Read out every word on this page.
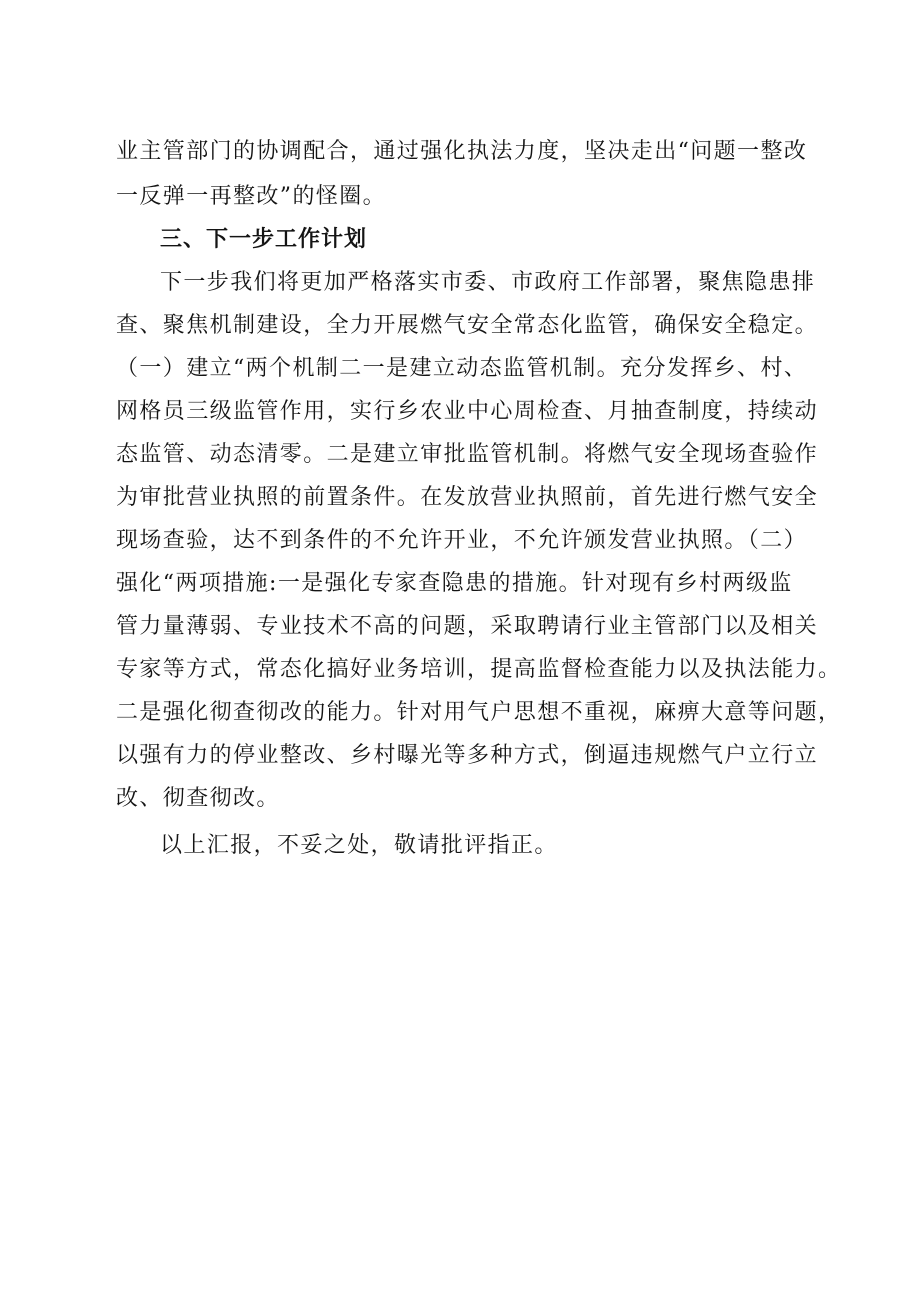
业主管部门的协调配合，通过强化执法力度，坚决走出“问题一整改
一反弹一再整改”的怪圈。
三、下一步工作计划
下一步我们将更加严格落实市委、市政府工作部署，聚焦隐患排
查、聚焦机制建设，全力开展燃气安全常态化监管，确保安全稳定。
（一）建立“两个机制二一是建立动态监管机制。充分发挥乡、村、
网格员三级监管作用，实行乡农业中心周检查、月抽查制度，持续动
态监管、动态清零。二是建立审批监管机制。将燃气安全现场查验作
为审批营业执照的前置条件。在发放营业执照前，首先进行燃气安全
现场查验，达不到条件的不允许开业，不允许颁发营业执照。（二）
强化“两项措施:一是强化专家查隐患的措施。针对现有乡村两级监
管力量薄弱、专业技术不高的问题，采取聘请行业主管部门以及相关
专家等方式，常态化搞好业务培训，提高监督检查能力以及执法能力。
二是强化彻查彻改的能力。针对用气户思想不重视，麻痹大意等问题，
以强有力的停业整改、乡村曝光等多种方式，倒逼违规燃气户立行立
改、彻查彻改。
以上汇报，不妥之处，敬请批评指正。
